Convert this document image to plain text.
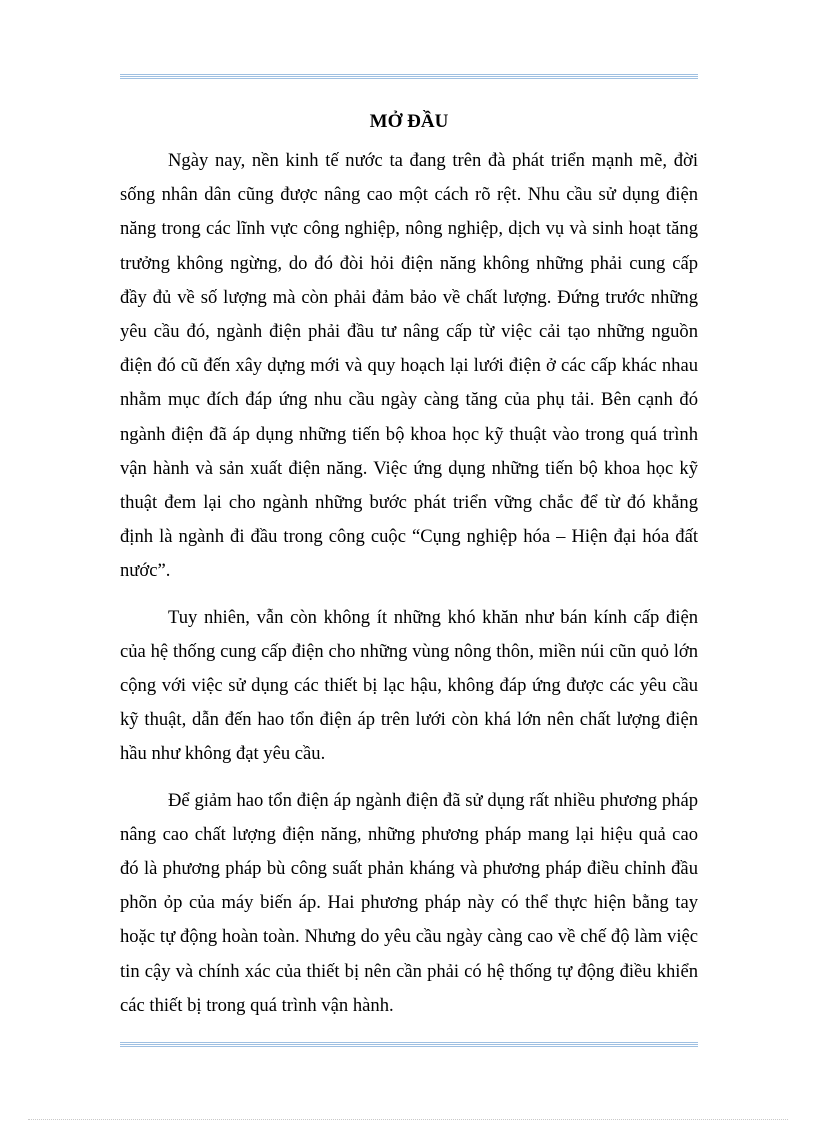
MỞ ĐẦU

Ngày nay, nền kinh tế nước ta đang trên đà phát triển mạnh mẽ, đời sống nhân dân cũng được nâng cao một cách rõ rệt. Nhu cầu sử dụng điện năng trong các lĩnh vực công nghiệp, nông nghiệp, dịch vụ và sinh hoạt tăng trưởng không ngừng, do đó đòi hỏi điện năng không những phải cung cấp đầy đủ về số lượng mà còn phải đảm bảo về chất lượng. Đứng trước những yêu cầu đó, ngành điện phải đầu tư nâng cấp từ việc cải tạo những nguồn điện đó cũ đến xây dựng mới và quy hoạch lại lưới điện ở các cấp khác nhau nhằm mục đích đáp ứng nhu cầu ngày càng tăng của phụ tải. Bên cạnh đó ngành điện đã áp dụng những tiến bộ khoa học kỹ thuật vào trong quá trình vận hành và sản xuất điện năng. Việc ứng dụng những tiến bộ khoa học kỹ thuật đem lại cho ngành những bước phát triển vững chắc để từ đó khẳng định là ngành đi đầu trong công cuộc “Cụng nghiệp hóa – Hiện đại hóa đất nước”.

Tuy nhiên, vẫn còn không ít những khó khăn như bán kính cấp điện của hệ thống cung cấp điện cho những vùng nông thôn, miền núi cũn quỏ lớn cộng với việc sử dụng các thiết bị lạc hậu, không đáp ứng được các yêu cầu kỹ thuật, dẫn đến hao tổn điện áp trên lưới còn khá lớn nên chất lượng điện hầu như không đạt yêu cầu.

Để giảm hao tổn điện áp ngành điện đã sử dụng rất nhiều phương pháp nâng cao chất lượng điện năng, những phương pháp mang lại hiệu quả cao đó là phương pháp bù công suất phản kháng và phương pháp điều chỉnh đầu phõn ỏp của máy biến áp. Hai phương pháp này có thể thực hiện bằng tay hoặc tự động hoàn toàn. Nhưng do yêu cầu ngày càng cao về chế độ làm việc tin cậy và chính xác của thiết bị nên cần phải có hệ thống tự động điều khiển các thiết bị trong quá trình vận hành.
